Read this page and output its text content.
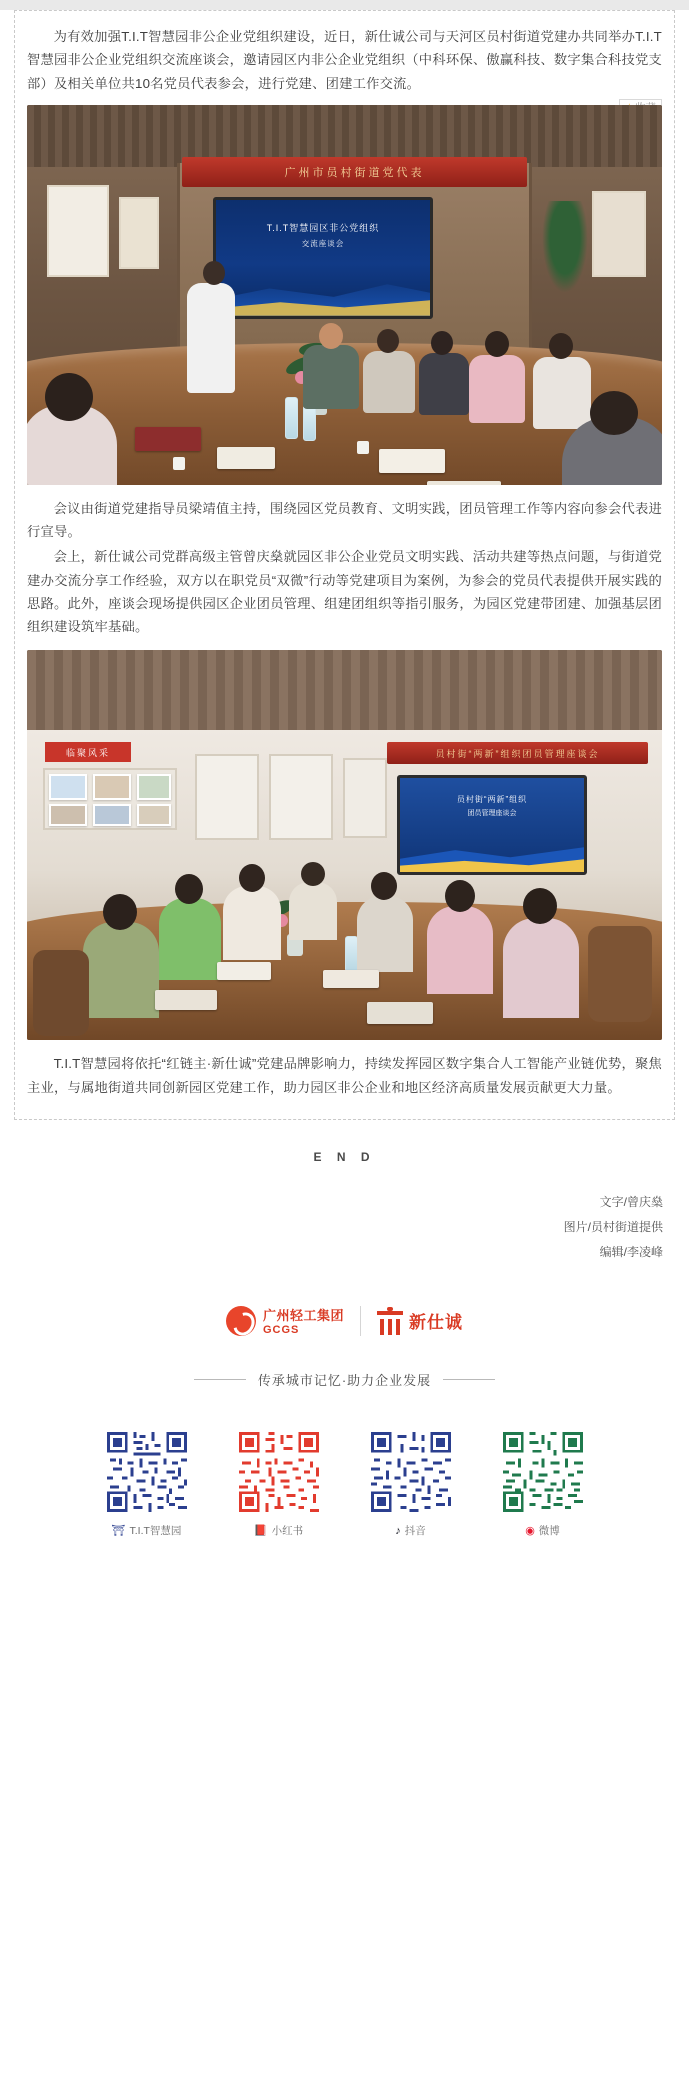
为有效加强T.I.T智慧园非公企业党组织建设，近日，新仕诚公司与天河区员村街道党建办共同举办T.I.T智慧园非公企业党组织交流座谈会，邀请园区内非公企业党组织（中科环保、傲赢科技、数字集合科技党支部）及相关单位共10名党员代表参会，进行党建、团建工作交流。

广州市员村街道党代表
T.I.T智慧园区非公党组织
交流座谈会

会议由街道党建指导员梁靖值主持，围绕园区党员教育、文明实践，团员管理工作等内容向参会代表进行宣导。

会上，新仕诚公司党群高级主管曾庆燊就园区非公企业党员文明实践、活动共建等热点问题，与街道党建办交流分享工作经验，双方以在职党员“双微”行动等党建项目为案例，为参会的党员代表提供开展实践的思路。此外，座谈会现场提供园区企业团员管理、组建团组织等指引服务，为园区党建带团建、加强基层团组织建设筑牢基础。

临聚风采	员村街“两新”组织团员管理座谈会
员村街“两新”组织
团员管理座谈会

T.I.T智慧园将依托“红链主·新仕诚”党建品牌影响力，持续发挥园区数字集合人工智能产业链优势，聚焦主业，与属地街道共同创新园区党建工作，助力园区非公企业和地区经济高质量发展贡献更大力量。

E N D
文字/曾庆燊
图片/员村街道提供
编辑/李凌峰
广州轻工集团
GCGS	新仕诚
传承城市记忆·助力企业发展
⛩ T.I.T智慧园	📕 小红书	♪ 抖音	◉ 微博
